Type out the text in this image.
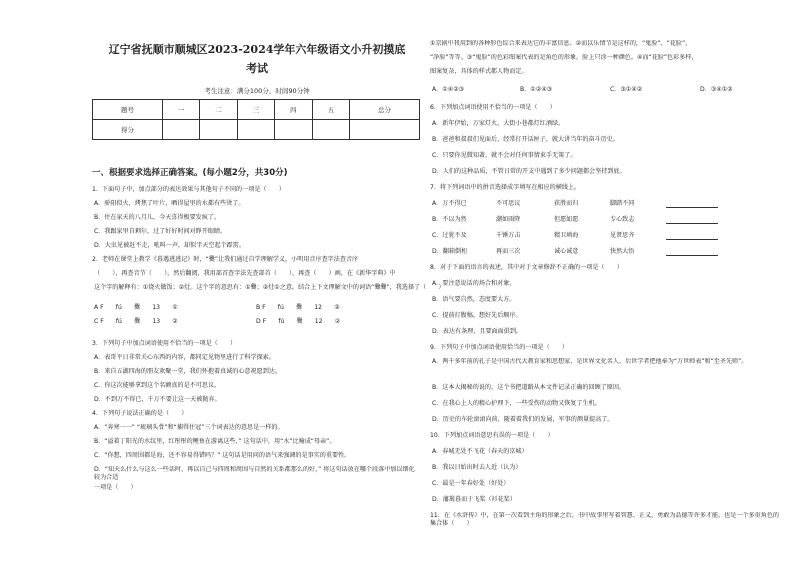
辽宁省抚顺市顺城区2023-2024学年六年级语文小升初摸底
考试
考生注意：满分100分，时间90分钟
题号	一	二	三	四	五	总分
得分						
一、根据要求选择正确答案。(每小题2分，共30分)
1．下面句子中，加点部分的表达效果与其他句子不同的一项是（　　）
A．骄阳似火，烤焦了叶片，晒得屋里的水都有些烫了。
B．住在家天的八月儿，今天喜得极要发疯了。
C．我跟家里自剩尔，过了好好时间对睁开眼睛。
D．大虫见被赶不走，吼叫一声，却似半天空起个霹雳。
2．老师在课堂上教学《暮遇逃逃记》时，“爨”让我们通过自学理解学义，小明用音序查字法查音序
（　　），再查音节（　　），然后翻阅，我用部首查字法先查部首（　　），再查（　　）画，在《新华字典》中
这个字的解释有：①烧火做饭；②灶。这个字的意思有：①爨；②灶①之意。结合上下文理解文中的词语“爨爨”，我选择了（　　）
A F　　fú　　爨　　13　　①	B F　　fú　　爨　　12　　②
C F　　fú　　爨　　13　　②	D F　　fú　　爨　　12　　②
3．下列句子中加点词语使用不恰当的一项是（　　）
A．表哥平日非常关心东西的内容，都同定见物里进行了科学探索。
B．来自五湖四海的朋友欢聚一堂，我们怀抱着真诚的心意祝愿到达。
C．你这次能够拿到这个名额真的是不可思议。
D．不到万不得已，千万不要让这一天被抛弃。
4．下列句子说法正确的是（　　）
A．“奔寒一一” “琉璃头骨”和“捕得住冠”三个词表达的意思是一样的。
B．“溢着丁阳光的水纹里，红彤彤的鲤鱼在游离这些，” 这句话中，用“水”比喻成“母亲”。
C．“你想，四周围都是海，还不容易得错吗？” 这句话是用问的语气来强调的是事实的重要性。
D．“知天么什么与这么一些话时，再以自己与四周和周围与自然的关系都那么的好，” 将这句话放在哪个段落中加以细化较为合适
一项是（　　）
①京剧中我用到的各种形色综合来表达它的丰富信息。②而以乐情节是这样的，“鬼脸”、“花脸”，
“净脸”等等。③“鬼脸”的色彩图案代表的是角色的形象，脸上只涂一种颜色。④而“花脸”色彩多样，
图案复杂，具体的样式都人物而定。
A．①④②③	B．①②④③	C．③①④②	D．③④①②
6．下列加点词语使用不恰当的一项是（　　）
A．新年伊始，万家灯火，大街小巷都灯红酒绿。
B．爸爸和叔叔们见面后，经常打开话匣子，就大讲当年的奋斗历史。
C．只要你见微知著，就不会对任何事情束手无策了。
D．人们的这种品质，不管日常的开支中遇到了多少问题都会坚持到底。
7．将下列词语中的拼音选择成字填写在相应的横线上。
A．万不得已	不可思议	获胜而归	脚踏不同
B．不以为然	潮如雨降	但愿如愿	专心致志
C．过犹不及	千锤万击	精卫填海	见贤思齐
D．翻箱倒柜	再而三次	诚心诚意	快然大悟
8．对于下面的语言的表述，其中对于文章修辞不正确的一项是（　　）
A．要注意说话的场合和对象。
B．语气要自然，态度要大方。
C．提前打腹稿，想好先后顺序。
D．表达有条理，且要面面俱到。
9．下列句子中加点词语使用恰当的一项是（　　）
A．两千多年前的孔子是中国古代大教育家和思想家，是世界文化名人，后世学者把他奉为“万世师表”和“至圣先师”。
B．这本大揭秘的说的，这个书把道路从本文件记录正确的回顾了原因。
C．在我心上人的精心护理下，一些受伤的动物又恢复了生机。
D．历史的车轮滚滚向前，随着着我们的发展，军事的测量提高了。
10．下列加点词语意思有误的一项是（　　）
A．春城无处不飞花（春天的京城）
B．我以日始出时去人近（认为）
C．最是一年春好处（好处）
D．藩篱暮而于飞桨（衫花桨）
11．在《水浒传》中，在第一次看到主角的形象之后，书中故事里写着智慧、正义、勇敢为品德等许多才能。也是一个多重角色的集合体（　　）
